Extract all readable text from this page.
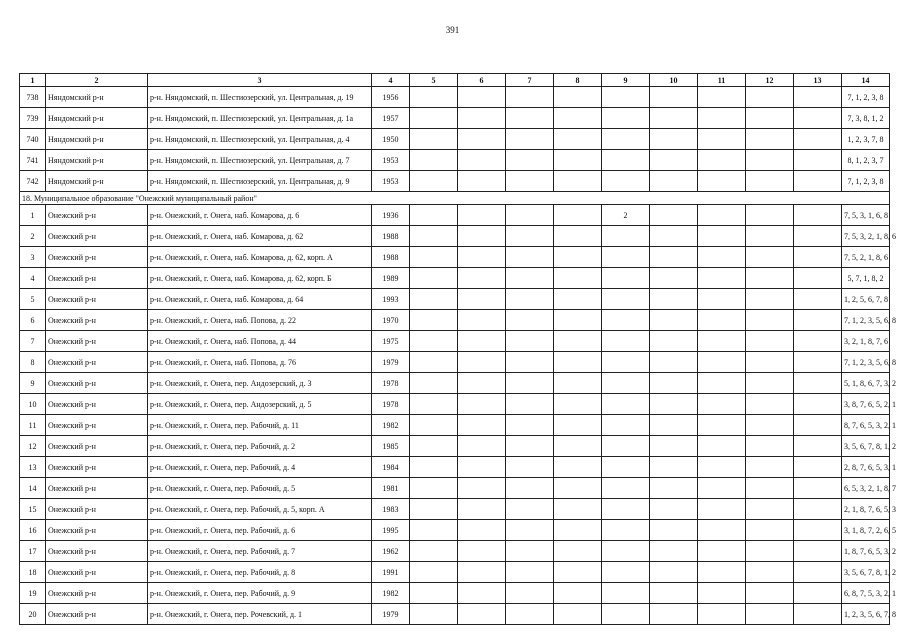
391
1	2	3	4	5	6	7	8	9	10	11	12	13	14
738	Няндомский р-н	р-н. Няндомский, п. Шестиозерский, ул. Центральная, д. 19	1956										7, 1, 2, 3, 8
739	Няндомский р-н	р-н. Няндомский, п. Шестиозерский, ул. Центральная, д. 1а	1957										7, 3, 8, 1, 2
740	Няндомский р-н	р-н. Няндомский, п. Шестиозерский, ул. Центральная, д. 4	1950										1, 2, 3, 7, 8
741	Няндомский р-н	р-н. Няндомский, п. Шестиозерский, ул. Центральная, д. 7	1953										8, 1, 2, 3, 7
742	Няндомский р-н	р-н. Няндомский, п. Шестиозерский, ул. Центральная, д. 9	1953										7, 1, 2, 3, 8
18. Муниципальное образование "Онежский муниципальный район"													
1	Онежский р-н	р-н. Онежский, г. Онега, наб. Комарова, д. 6	1936					2					7, 5, 3, 1, 6, 8
2	Онежский р-н	р-н. Онежский, г. Онега, наб. Комарова, д. 62	1988										7, 5, 3, 2, 1, 8, 6
3	Онежский р-н	р-н. Онежский, г. Онега, наб. Комарова, д. 62, корп. А	1988										7, 5, 2, 1, 8, 6
4	Онежский р-н	р-н. Онежский, г. Онега, наб. Комарова, д. 62, корп. Б	1989										5, 7, 1, 8, 2
5	Онежский р-н	р-н. Онежский, г. Онега, наб. Комарова, д. 64	1993										1, 2, 5, 6, 7, 8
6	Онежский р-н	р-н. Онежский, г. Онега, наб. Попова, д. 22	1970										7, 1, 2, 3, 5, 6, 8
7	Онежский р-н	р-н. Онежский, г. Онега, наб. Попова, д. 44	1975										3, 2, 1, 8, 7, 6
8	Онежский р-н	р-н. Онежский, г. Онега, наб. Попова, д. 76	1979										7, 1, 2, 3, 5, 6, 8
9	Онежский р-н	р-н. Онежский, г. Онега, пер. Андозерский, д. 3	1978										5, 1, 8, 6, 7, 3, 2
10	Онежский р-н	р-н. Онежский, г. Онега, пер. Андозерский, д. 5	1978										3, 8, 7, 6, 5, 2, 1
11	Онежский р-н	р-н. Онежский, г. Онега, пер. Рабочий, д. 11	1982										8, 7, 6, 5, 3, 2, 1
12	Онежский р-н	р-н. Онежский, г. Онега, пер. Рабочий, д. 2	1985										3, 5, 6, 7, 8, 1, 2
13	Онежский р-н	р-н. Онежский, г. Онега, пер. Рабочий, д. 4	1984										2, 8, 7, 6, 5, 3, 1
14	Онежский р-н	р-н. Онежский, г. Онега, пер. Рабочий, д. 5	1981										6, 5, 3, 2, 1, 8, 7
15	Онежский р-н	р-н. Онежский, г. Онега, пер. Рабочий, д. 5, корп. А	1983										2, 1, 8, 7, 6, 5, 3
16	Онежский р-н	р-н. Онежский, г. Онега, пер. Рабочий, д. 6	1995										3, 1, 8, 7, 2, 6, 5
17	Онежский р-н	р-н. Онежский, г. Онега, пер. Рабочий, д. 7	1962										1, 8, 7, 6, 5, 3, 2
18	Онежский р-н	р-н. Онежский, г. Онега, пер. Рабочий, д. 8	1991										3, 5, 6, 7, 8, 1, 2
19	Онежский р-н	р-н. Онежский, г. Онега, пер. Рабочий, д. 9	1982										6, 8, 7, 5, 3, 2, 1
20	Онежский р-н	р-н. Онежский, г. Онега, пер. Рочевский, д. 1	1979										1, 2, 3, 5, 6, 7, 8
